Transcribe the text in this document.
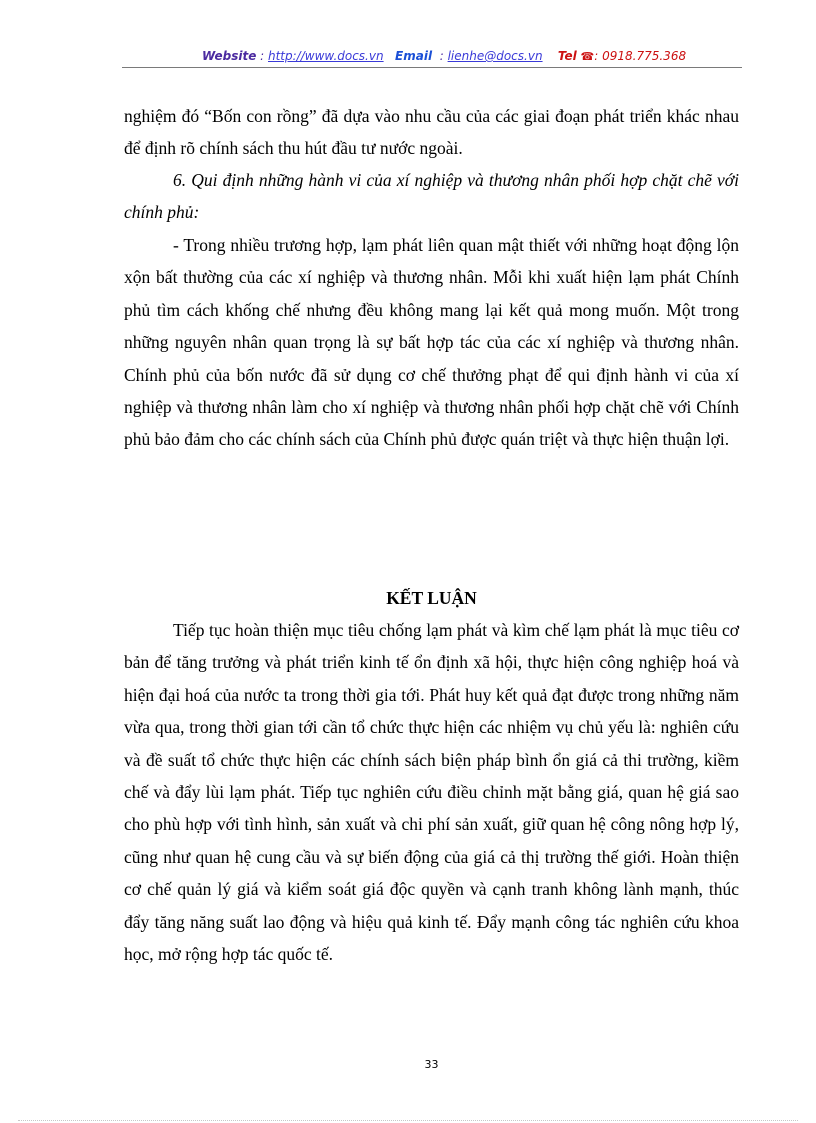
Website : http://www.docs.vn Email  : lienhe@docs.vn Tel ☎: 0918.775.368
nghiệm đó “Bốn con rồng” đã dựa vào nhu cầu của các giai đoạn phát triển khác nhau để định rõ chính sách thu hút đầu tư nước ngoài.
6. Qui định những hành vi của xí nghiệp và thương nhân phối hợp chặt chẽ với chính phủ:
- Trong nhiều trương hợp, lạm phát liên quan mật thiết với những hoạt động lộn xộn bất thường của các xí nghiệp và thương nhân. Mỗi khi xuất hiện lạm phát Chính phủ tìm cách khống chế nhưng đều không mang lại kết quả mong muốn. Một trong những nguyên nhân quan trọng là sự bất hợp tác của các xí nghiệp và thương nhân. Chính phủ của bốn nước đã sử dụng cơ chế thưởng phạt để qui định hành vi của xí nghiệp và thương nhân làm cho xí nghiệp và thương nhân phối hợp chặt chẽ với Chính phủ bảo đảm cho các chính sách của Chính phủ được quán triệt và thực hiện thuận lợi.
KẾT LUẬN
Tiếp tục hoàn thiện mục tiêu chống lạm phát và kìm chế lạm phát là mục tiêu cơ bản để tăng trưởng và phát triển kinh tế ổn định xã hội, thực hiện công nghiệp hoá và hiện đại hoá của nước ta trong thời gia tới. Phát huy kết quả đạt được trong những năm vừa qua, trong thời gian tới cần tổ chức thực hiện các nhiệm vụ chủ yếu là: nghiên cứu và đề suất tổ chức thực hiện các chính sách biện pháp bình ổn giá cả thi trường, kiềm chế và đẩy lùi lạm phát. Tiếp tục nghiên cứu điều chỉnh mặt bằng giá, quan hệ giá sao cho phù hợp với tình hình, sản xuất và chi phí sản xuất, giữ quan hệ công nông hợp lý, cũng như quan hệ cung cầu và sự biến động của giá cả thị trường thế giới. Hoàn thiện cơ chế quản lý giá và kiểm soát giá độc quyền và cạnh tranh không lành mạnh, thúc đẩy tăng năng suất lao động và hiệu quả kinh tế. Đẩy mạnh công tác nghiên cứu khoa học, mở rộng hợp tác quốc tế.
33
